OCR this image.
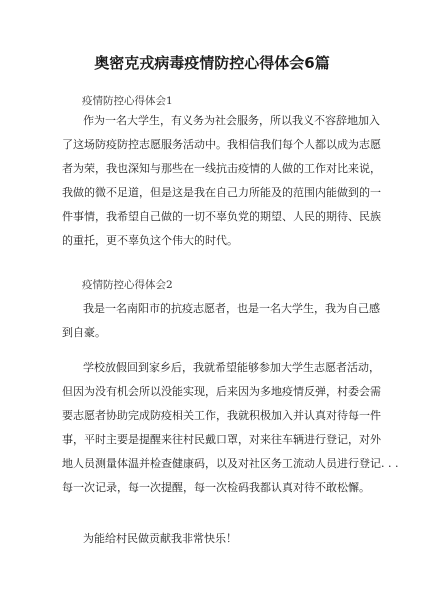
奥密克戎病毒疫情防控心得体会6篇
疫情防控心得体会1
作为一名大学生，有义务为社会服务，所以我义不容辞地加入
了这场防疫防控志愿服务活动中。我相信我们每个人都以成为志愿
者为荣，我也深知与那些在一线抗击疫情的人做的工作对比来说，
我做的微不足道，但是这是我在自己力所能及的范围内能做到的一
件事情，我希望自己做的一切不辜负党的期望、人民的期待、民族
的重托，更不辜负这个伟大的时代。
疫情防控心得体会2
我是一名南阳市的抗疫志愿者，也是一名大学生，我为自己感
到自豪。
学校放假回到家乡后，我就希望能够参加大学生志愿者活动，
但因为没有机会所以没能实现，后来因为多地疫情反弹，村委会需
要志愿者协助完成防疫相关工作，我就积极加入并认真对待每一件
事，平时主要是提醒来往村民戴口罩，对来往车辆进行登记，对外
地人员测量体温并检查健康码，以及对社区务工流动人员进行登记. . .
每一次记录，每一次提醒，每一次检码我都认真对待不敢松懈。
为能给村民做贡献我非常快乐！
